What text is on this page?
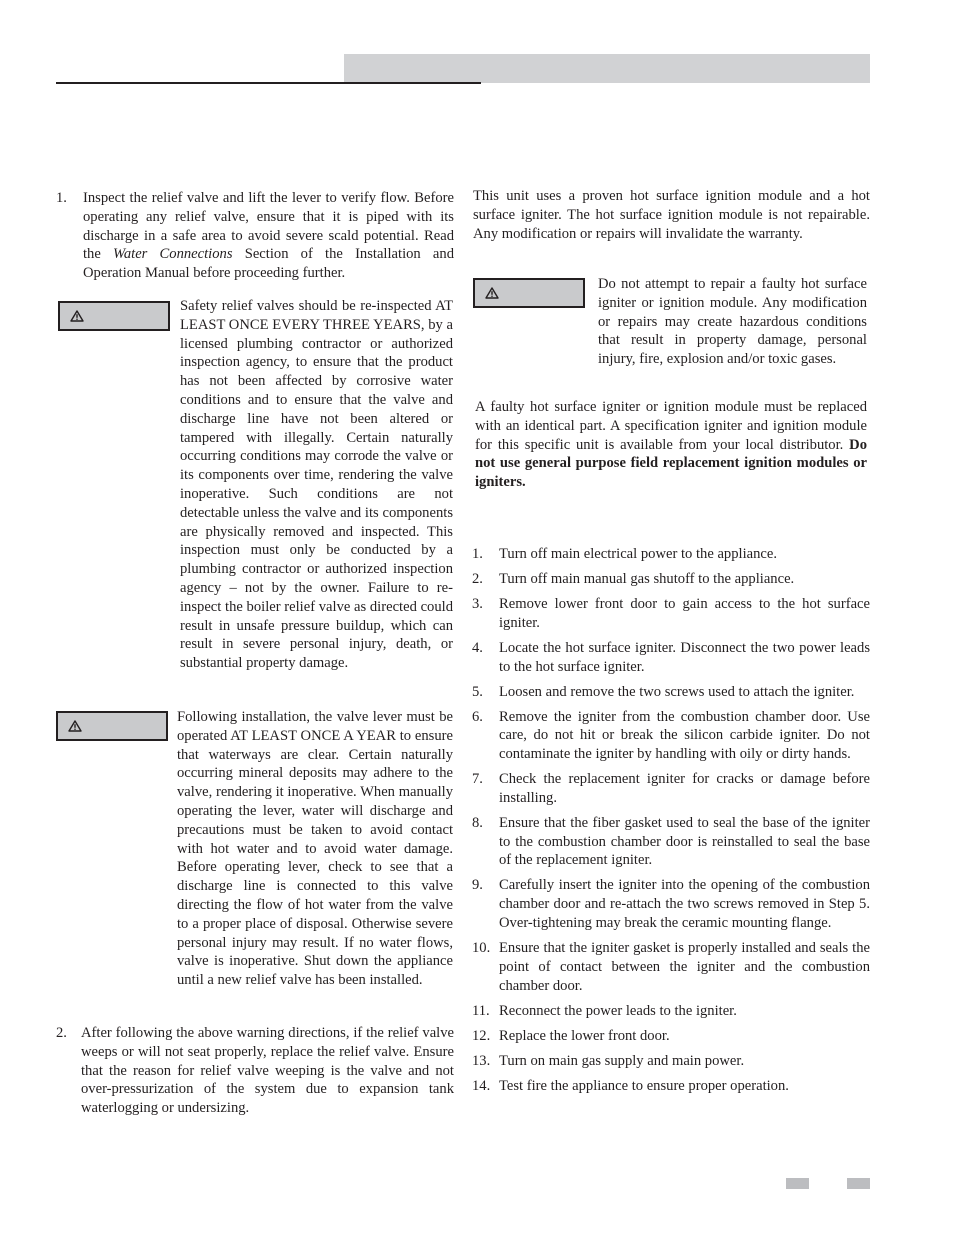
1. Inspect the relief valve and lift the lever to verify flow. Before operating any relief valve, ensure that it is piped with its discharge in a safe area to avoid severe scald potential. Read the Water Connections Section of the Installation and Operation Manual before proceeding further.

Safety relief valves should be re-inspected AT LEAST ONCE EVERY THREE YEARS, by a licensed plumbing contractor or authorized inspection agency, to ensure that the product has not been affected by corrosive water conditions and to ensure that the valve and discharge line have not been altered or tampered with illegally. Certain naturally occurring conditions may corrode the valve or its components over time, rendering the valve inoperative. Such conditions are not detectable unless the valve and its components are physically removed and inspected. This inspection must only be conducted by a plumbing contractor or authorized inspection agency – not by the owner. Failure to re-inspect the boiler relief valve as directed could result in unsafe pressure buildup, which can result in severe personal injury, death, or substantial property damage.

Following installation, the valve lever must be operated AT LEAST ONCE A YEAR to ensure that waterways are clear. Certain naturally occurring mineral deposits may adhere to the valve, rendering it inoperative. When manually operating the lever, water will discharge and precautions must be taken to avoid contact with hot water and to avoid water damage. Before operating lever, check to see that a discharge line is connected to this valve directing the flow of hot water from the valve to a proper place of disposal. Otherwise severe personal injury may result. If no water flows, valve is inoperative. Shut down the appliance until a new relief valve has been installed.

2. After following the above warning directions, if the relief valve weeps or will not seat properly, replace the relief valve. Ensure that the reason for relief valve weeping is the valve and not over-pressurization of the system due to expansion tank waterlogging or undersizing.

This unit uses a proven hot surface ignition module and a hot surface igniter. The hot surface ignition module is not repairable. Any modification or repairs will invalidate the warranty.

Do not attempt to repair a faulty hot surface igniter or ignition module. Any modification or repairs may create hazardous conditions that result in property damage, personal injury, fire, explosion and/or toxic gases.

A faulty hot surface igniter or ignition module must be replaced with an identical part. A specification igniter and ignition module for this specific unit is available from your local distributor. Do not use general purpose field replacement ignition modules or igniters.

1. Turn off main electrical power to the appliance.
2. Turn off main manual gas shutoff to the appliance.
3. Remove lower front door to gain access to the hot surface igniter.
4. Locate the hot surface igniter. Disconnect the two power leads to the hot surface igniter.
5. Loosen and remove the two screws used to attach the igniter.
6. Remove the igniter from the combustion chamber door. Use care, do not hit or break the silicon carbide igniter. Do not contaminate the igniter by handling with oily or dirty hands.
7. Check the replacement igniter for cracks or damage before installing.
8. Ensure that the fiber gasket used to seal the base of the igniter to the combustion chamber door is reinstalled to seal the base of the replacement igniter.
9. Carefully insert the igniter into the opening of the combustion chamber door and re-attach the two screws removed in Step 5. Over-tightening may break the ceramic mounting flange.
10. Ensure that the igniter gasket is properly installed and seals the point of contact between the igniter and the combustion chamber door.
11. Reconnect the power leads to the igniter.
12. Replace the lower front door.
13. Turn on main gas supply and main power.
14. Test fire the appliance to ensure proper operation.
